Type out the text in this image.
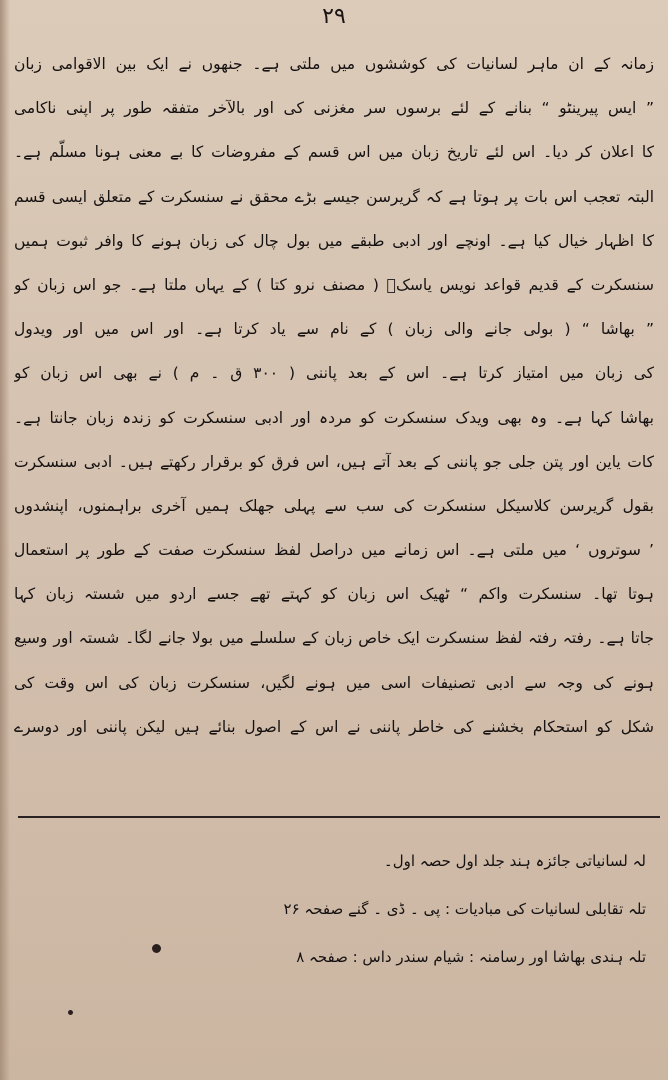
۲۹
زمانہ کے ان ماہر لسانیات کی کوششوں میں ملتی ہے۔ جنھوں نے ایک بین الاقوامی زبان
” ایس پیرینٹو “ بنانے کے لئے برسوں سر مغزنی کی اور بالآخر متفقہ طور پر اپنی ناکامی
کا اعلان کر دیا۔ اس لئے تاریخ زبان میں اس قسم کے مفروضات کا بے معنی ہونا مسلّم ہے۔
البتہ تعجب اس بات پر ہوتا ہے کہ گریرسن جیسے بڑے محقق نے سنسکرت کے متعلق ایسی قسم
کا اظہار خیال کیا ہے۔ اونچے اور ادبی طبقے میں بول چال کی زبان ہونے کا وافر ثبوت ہمیں
سنسکرت کے قدیم قواعد نویس یاسکؔ ( مصنف نرو کتا ) کے یہاں ملتا ہے۔ جو اس زبان کو
” بھاشا “ ( بولی جانے والی زبان ) کے نام سے یاد کرتا ہے۔ اور اس میں اور ویدول
کی زبان میں امتیاز کرتا ہے۔ اس کے بعد پاننی ( ۳۰۰ ق ۔ م ) نے بھی اس زبان کو
بھاشا کہا ہے۔ وہ بھی ویدک سنسکرت کو مردہ اور ادبی سنسکرت کو زندہ زبان جانتا ہے۔
کات یاین اور پتن جلی جو پاننی کے بعد آتے ہیں، اس فرق کو برقرار رکھتے ہیں۔ ادبی سنسکرت
بقول گریرسن کلاسیکل سنسکرت کی سب سے پہلی جھلک ہمیں آخری براہمنوں، اپنشدوں
’ سوتروں ‘ میں ملتی ہے۔ اس زمانے میں دراصل لفظ سنسکرت صفت کے طور پر استعمال
ہوتا تھا۔ سنسکرت واکم “ ٹھیک اس زبان کو کہتے تھے جسے اردو میں شستہ زبان کہا
جاتا ہے۔ رفتہ رفتہ لفظ سنسکرت ایک خاص زبان کے سلسلے میں بولا جانے لگا۔ شستہ اور وسیع
ہونے کی وجہ سے ادبی تصنیفات اسی میں ہونے لگیں، سنسکرت زبان کی اس وقت کی
شکل کو استحکام بخشنے کی خاطر پاننی نے اس کے اصول بنائے ہیں لیکن پاننی اور دوسرے
لہ لسانیاتی جائزہ ہند جلد اول حصہ اول۔
تلہ تقابلی لسانیات کی مبادیات : پی ۔ ڈی ۔ گنے صفحہ ۲۶
تلہ ہندی بھاشا اور رسامنہ : شیام سندر داس : صفحہ ۸
